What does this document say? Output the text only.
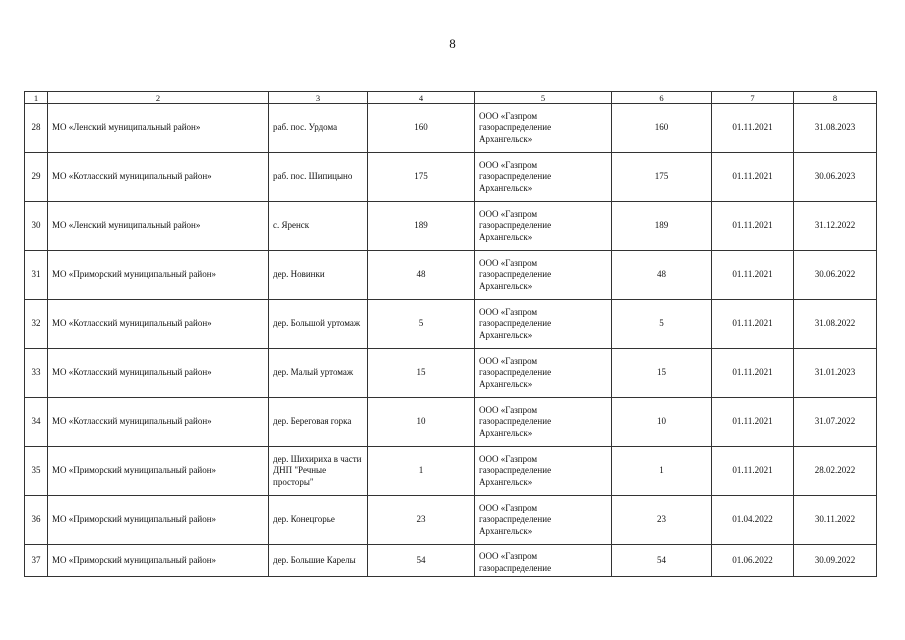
8
1	2	3	4	5	6	7	8
28	МО «Ленский муниципальный район»	раб. пос. Урдома	160	ООО «Газпром
газораспределение
Архангельск»	160	01.11.2021	31.08.2023
29	МО «Котласский муниципальный район»	раб. пос. Шипицыно	175	ООО «Газпром
газораспределение
Архангельск»	175	01.11.2021	30.06.2023
30	МО «Ленский муниципальный район»	с. Яренск	189	ООО «Газпром
газораспределение
Архангельск»	189	01.11.2021	31.12.2022
31	МО «Приморский муниципальный район»	дер. Новинки	48	ООО «Газпром
газораспределение
Архангельск»	48	01.11.2021	30.06.2022
32	МО «Котласский муниципальный район»	дер. Большой уртомаж	5	ООО «Газпром
газораспределение
Архангельск»	5	01.11.2021	31.08.2022
33	МО «Котласский муниципальный район»	дер. Малый уртомаж	15	ООО «Газпром
газораспределение
Архангельск»	15	01.11.2021	31.01.2023
34	МО «Котласский муниципальный район»	дер. Береговая горка	10	ООО «Газпром
газораспределение
Архангельск»	10	01.11.2021	31.07.2022
35	МО «Приморский муниципальный район»	дер. Шихириха в части ДНП "Речные просторы"	1	ООО «Газпром
газораспределение
Архангельск»	1	01.11.2021	28.02.2022
36	МО «Приморский муниципальный район»	дер. Конецгорье	23	ООО «Газпром
газораспределение
Архангельск»	23	01.04.2022	30.11.2022
37	МО «Приморский муниципальный район»	дер. Большие Карелы	54	ООО «Газпром
газораспределение	54	01.06.2022	30.09.2022
